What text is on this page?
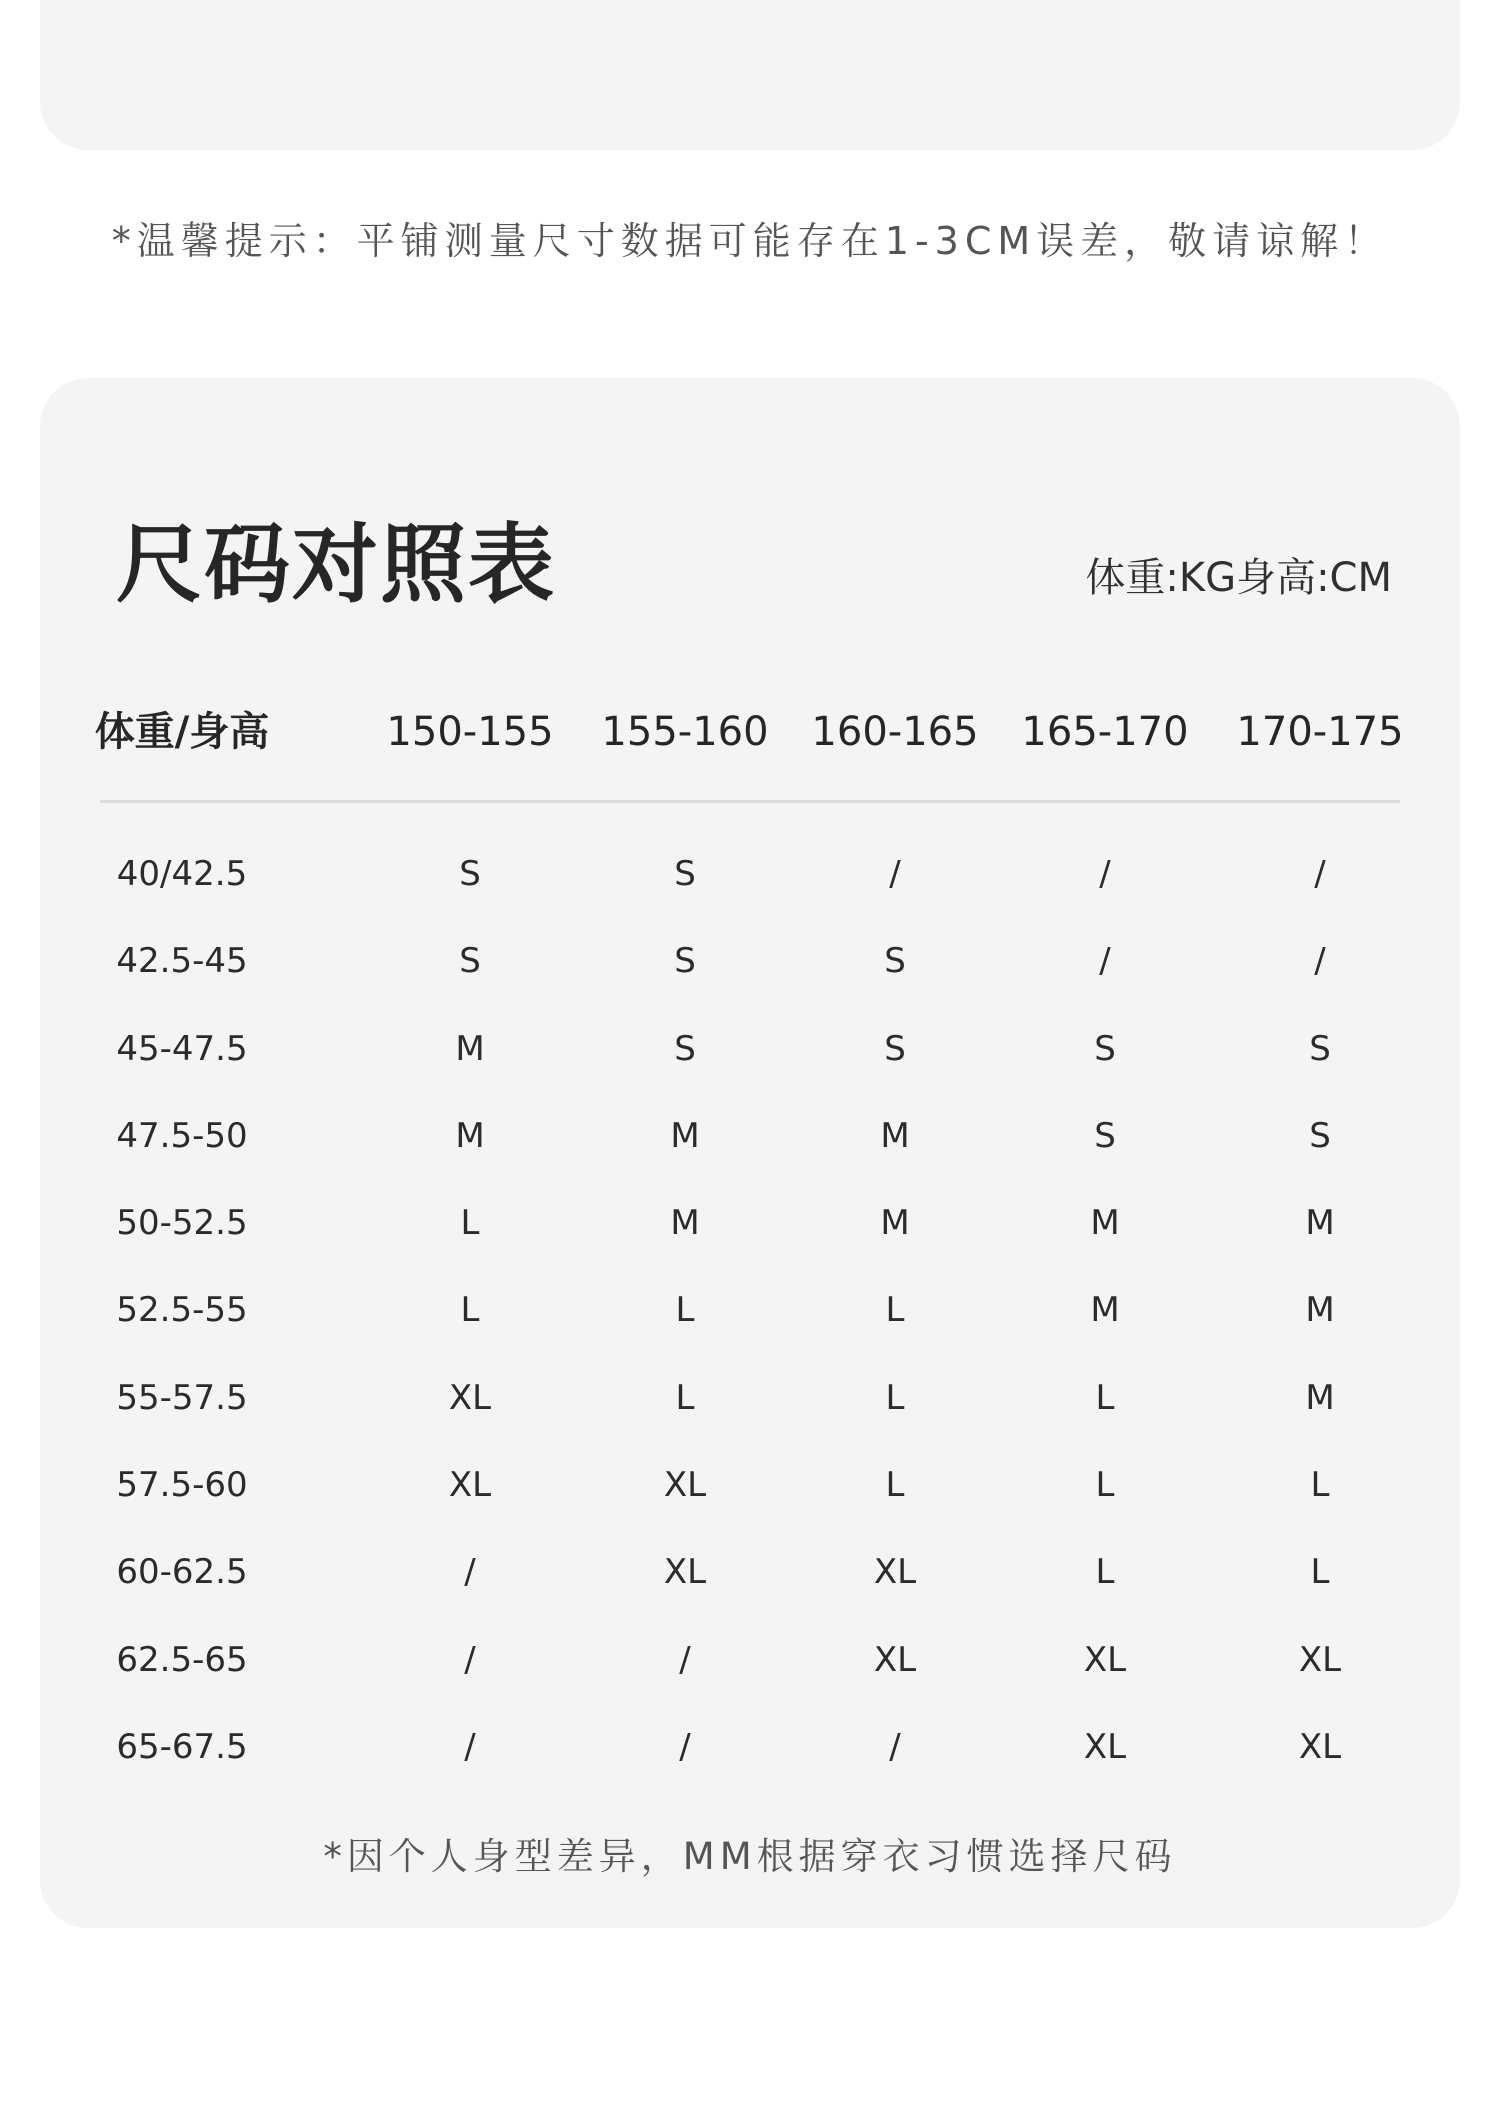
*温馨提示：平铺测量尺寸数据可能存在1-3CM误差，敬请谅解！
尺码对照表	体重:KG身高:CM
体重/身高	150-155	155-160	160-165	165-170	170-175
40/42.5	S	S	/	/	/
42.5-45	S	S	S	/	/
45-47.5	M	S	S	S	S
47.5-50	M	M	M	S	S
50-52.5	L	M	M	M	M
52.5-55	L	L	L	M	M
55-57.5	XL	L	L	L	M
57.5-60	XL	XL	L	L	L
60-62.5	/	XL	XL	L	L
62.5-65	/	/	XL	XL	XL
65-67.5	/	/	/	XL	XL
*因个人身型差异，MM根据穿衣习惯选择尺码
